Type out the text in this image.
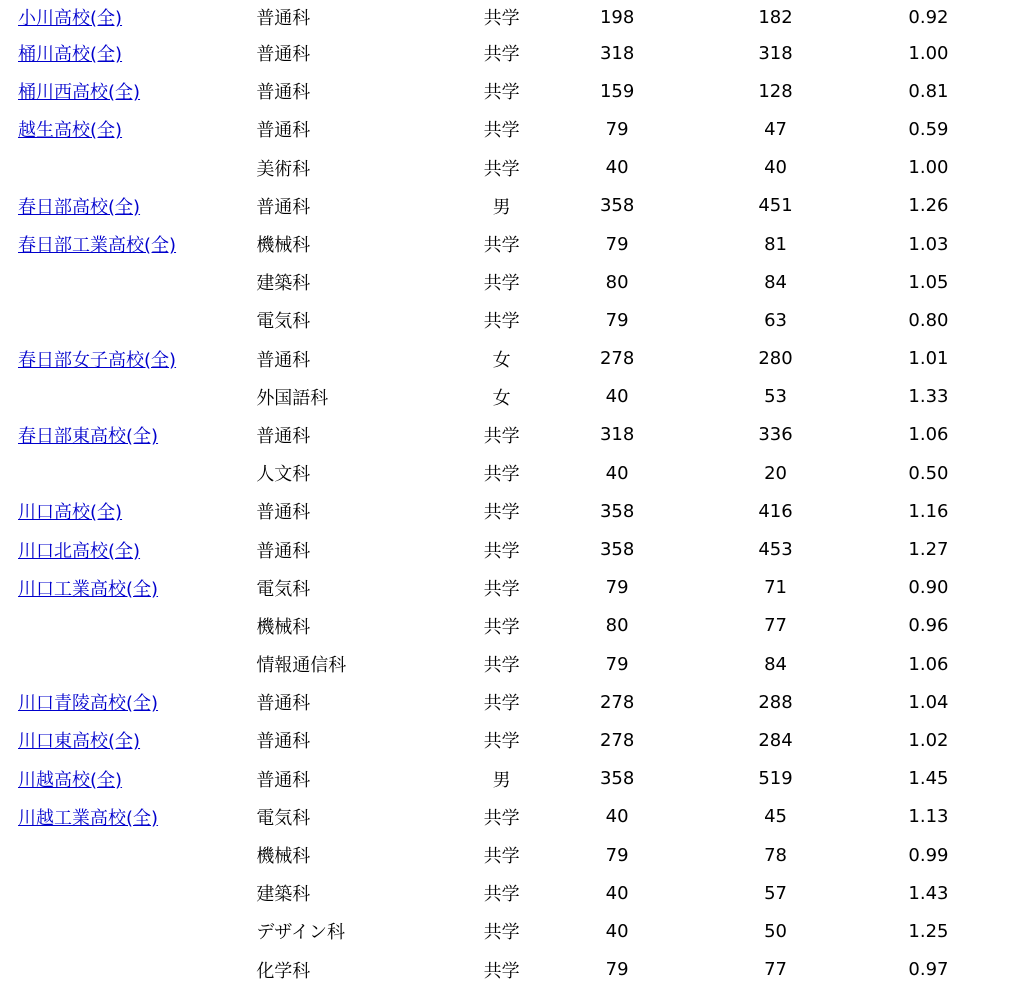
小川高校(全)	普通科	共学	198	182	0.92
桶川高校(全)	普通科	共学	318	318	1.00
桶川西高校(全)	普通科	共学	159	128	0.81
越生高校(全)	普通科	共学	79	47	0.59
	美術科	共学	40	40	1.00
春日部高校(全)	普通科	男	358	451	1.26
春日部工業高校(全)	機械科	共学	79	81	1.03
	建築科	共学	80	84	1.05
	電気科	共学	79	63	0.80
春日部女子高校(全)	普通科	女	278	280	1.01
	外国語科	女	40	53	1.33
春日部東高校(全)	普通科	共学	318	336	1.06
	人文科	共学	40	20	0.50
川口高校(全)	普通科	共学	358	416	1.16
川口北高校(全)	普通科	共学	358	453	1.27
川口工業高校(全)	電気科	共学	79	71	0.90
	機械科	共学	80	77	0.96
	情報通信科	共学	79	84	1.06
川口青陵高校(全)	普通科	共学	278	288	1.04
川口東高校(全)	普通科	共学	278	284	1.02
川越高校(全)	普通科	男	358	519	1.45
川越工業高校(全)	電気科	共学	40	45	1.13
	機械科	共学	79	78	0.99
	建築科	共学	40	57	1.43
	デザイン科	共学	40	50	1.25
	化学科	共学	79	77	0.97
